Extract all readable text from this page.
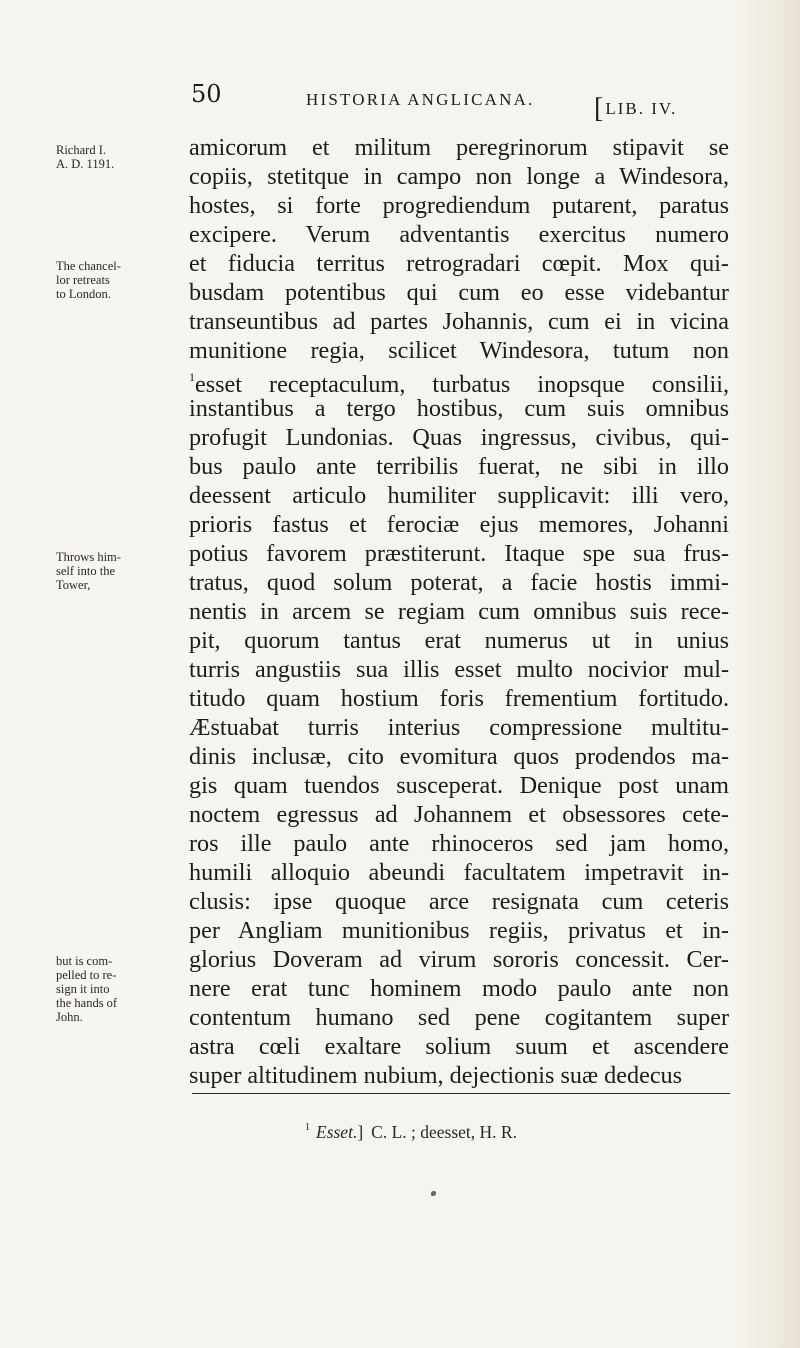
50	HISTORIA ANGLICANA. [ LIB. IV.
Richard I.
A. D. 1191.
The chancel-
lor retreats
to London.
Throws him-
self into the
Tower,
but is com-
pelled to re-
sign it into
the hands of
John.
amicorum et militum peregrinorum stipavit se
copiis, stetitque in campo non longe a Windesora,
hostes, si forte progrediendum putarent, paratus
excipere. Verum adventantis exercitus numero
et fiducia territus retrogradari cœpit. Mox qui-
busdam potentibus qui cum eo esse videbantur
transeuntibus ad partes Johannis, cum ei in vicina
munitione regia, scilicet Windesora, tutum non
$^1$esset receptaculum, turbatus inopsque consilii,
instantibus a tergo hostibus, cum suis omnibus
profugit Lundonias. Quas ingressus, civibus, qui-
bus paulo ante terribilis fuerat, ne sibi in illo
deessent articulo humiliter supplicavit: illi vero,
prioris fastus et ferociæ ejus memores, Johanni
potius favorem præstiterunt. Itaque spe sua frus-
tratus, quod solum poterat, a facie hostis immi-
nentis in arcem se regiam cum omnibus suis rece-
pit, quorum tantus erat numerus ut in unius
turris angustiis sua illis esset multo nocivior mul-
titudo quam hostium foris frementium fortitudo.
Æstuabat turris interius compressione multitu-
dinis inclusæ, cito evomitura quos prodendos ma-
gis quam tuendos susceperat. Denique post unam
noctem egressus ad Johannem et obsessores cete-
ros ille paulo ante rhinoceros sed jam homo,
humili alloquio abeundi facultatem impetravit in-
clusis: ipse quoque arce resignata cum ceteris
per Angliam munitionibus regiis, privatus et in-
glorius Doveram ad virum sororis concessit. Cer-
nere erat tunc hominem modo paulo ante non
contentum humano sed pene cogitantem super
astra cœli exaltare solium suum et ascendere
super altitudinem nubium, dejectionis suæ dedecus
$^1$ Esset.] C. L. ; deesset, H. R.
